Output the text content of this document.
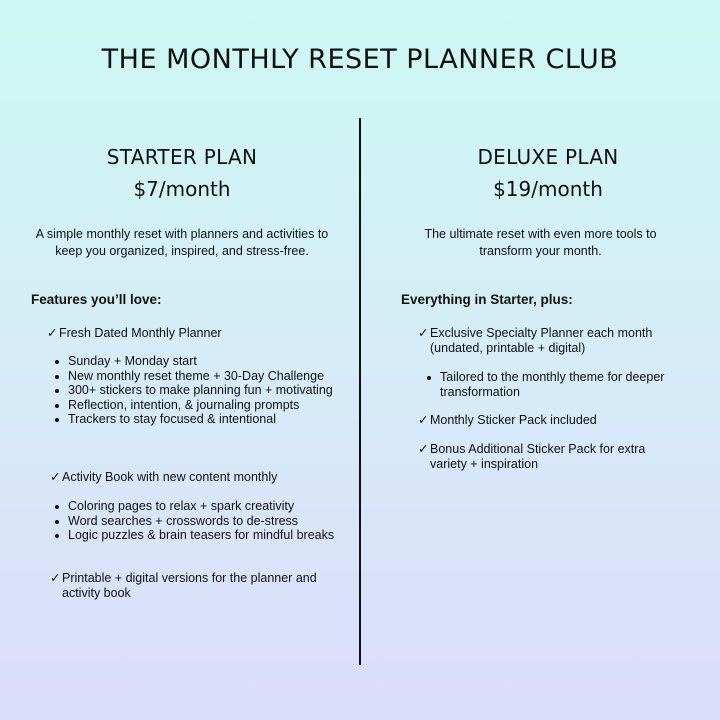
THE MONTHLY RESET PLANNER CLUB
STARTER PLAN
$7/month
A simple monthly reset with planners and activities to keep you organized, inspired, and stress-free.
Features you’ll love:
✓ Fresh Dated Monthly Planner
Sunday + Monday start
New monthly reset theme + 30-Day Challenge
300+ stickers to make planning fun + motivating
Reflection, intention, & journaling prompts
Trackers to stay focused & intentional
✓ Activity Book with new content monthly
Coloring pages to relax + spark creativity
Word searches + crosswords to de-stress
Logic puzzles & brain teasers for mindful breaks
✓ Printable + digital versions for the planner and activity book
DELUXE PLAN
$19/month
The ultimate reset with even more tools to transform your month.
Everything in Starter, plus:
✓ Exclusive Specialty Planner each month (undated, printable + digital)
Tailored to the monthly theme for deeper transformation
✓ Monthly Sticker Pack included
✓ Bonus Additional Sticker Pack for extra variety + inspiration
